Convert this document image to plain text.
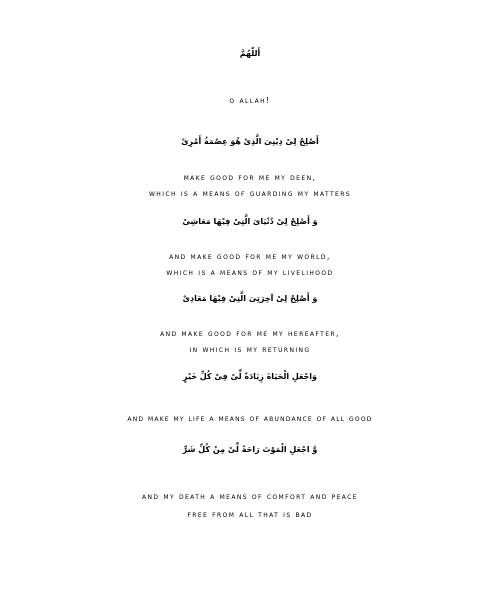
أَللّٰهُمَّ
o allah!
أَصْلِحْ لِىْ دِيْنِىَ الَّذِىْ هُوَ عِصْمَةُ أَمْرِىْ
make good for me my deen,
which is a means of guarding my matters
وَ أَصْلِحْ لِىْ دُنْيَاىَ الَّتِىْ فِيْهَا مَعَاشِىْ
and make good for me my world,
which is a means of my livelihood
وَ أَصْلِحْ لِىْ آخِرَتِىَ الَّتِىْ فِيْهَا مَعَادِىْ
and make good for me my hereafter,
in which is my returning
وَاجْعَلِ الْحَيَاةَ زِيَادَةً لِّىْ فِىْ كُلِّ خَيْرٍ
and make my life a means of abundance of all good
وَّ اجْعَلِ الْمَوْتَ رَاحَةً لِّىْ مِنْ كُلِّ شَرٍّ
and my death a means of comfort and peace
free from all that is bad
